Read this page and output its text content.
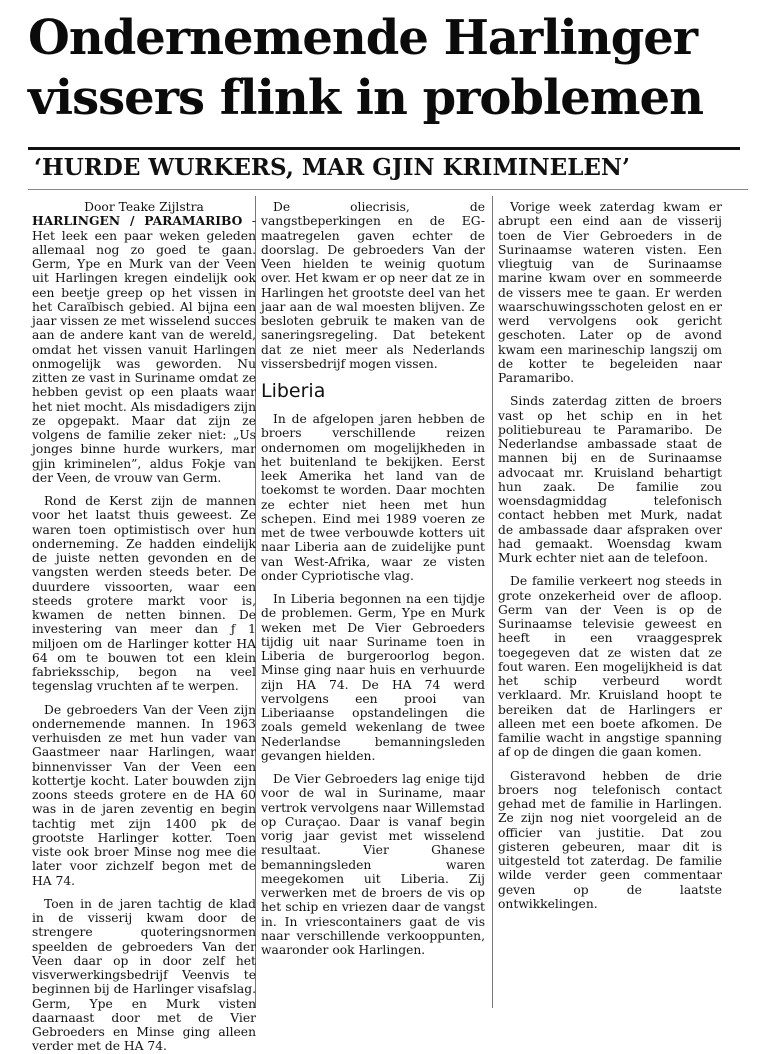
Ondernemende Harlinger vissers flink in problemen
‘HURDE WURKERS, MAR GJIN KRIMINELEN’
Door Teake Zijlstra

HARLINGEN / PARAMARIBO - Het leek een paar weken geleden allemaal nog zo goed te gaan. Germ, Ype en Murk van der Veen uit Harlingen kregen eindelijk ook een beetje greep op het vissen in het Caraïbisch gebied. Al bijna een jaar vissen ze met wisselend succes aan de andere kant van de wereld, omdat het vissen vanuit Harlingen onmogelijk was geworden. Nu zitten ze vast in Suriname omdat ze hebben gevist op een plaats waar het niet mocht. Als misdadigers zijn ze opgepakt. Maar dat zijn ze volgens de familie zeker niet: „Us jonges binne hurde wurkers, mar gjin kriminelen”, aldus Fokje van der Veen, de vrouw van Germ.

Rond de Kerst zijn de mannen voor het laatst thuis geweest. Ze waren toen optimistisch over hun onderneming. Ze hadden eindelijk de juiste netten gevonden en de vangsten werden steeds beter. De duurdere vissoorten, waar een steeds grotere markt voor is, kwamen de netten binnen. De investering van meer dan ƒ 1 miljoen om de Harlinger kotter HA 64 om te bouwen tot een klein fabrieksschip, begon na veel tegenslag vruchten af te werpen.

De gebroeders Van der Veen zijn ondernemende mannen. In 1963 verhuisden ze met hun vader van Gaastmeer naar Harlingen, waar binnenvisser Van der Veen een kottertje kocht. Later bouwden zijn zoons steeds grotere en de HA 60 was in de jaren zeventig en begin tachtig met zijn 1400 pk de grootste Harlinger kotter. Toen viste ook broer Minse nog mee die later voor zichzelf begon met de HA 74.

Toen in de jaren tachtig de klad in de visserij kwam door de strengere quoteringsnormen speelden de gebroeders Van der Veen daar op in door zelf het visverwerkingsbedrijf Veenvis te beginnen bij de Harlinger visafslag. Germ, Ype en Murk visten daarnaast door met de Vier Gebroeders en Minse ging alleen verder met de HA 74.

De oliecrisis, de vangstbeperkingen en de EG-maatregelen gaven echter de doorslag. De gebroeders Van der Veen hielden te weinig quotum over. Het kwam er op neer dat ze in Harlingen het grootste deel van het jaar aan de wal moesten blijven. Ze besloten gebruik te maken van de saneringsregeling. Dat betekent dat ze niet meer als Nederlands vissersbedrijf mogen vissen.

Liberia

In de afgelopen jaren hebben de broers verschillende reizen ondernomen om mogelijkheden in het buitenland te bekijken. Eerst leek Amerika het land van de toekomst te worden. Daar mochten ze echter niet heen met hun schepen. Eind mei 1989 voeren ze met de twee verbouwde kotters uit naar Liberia aan de zuidelijke punt van West-Afrika, waar ze visten onder Cypriotische vlag.

In Liberia begonnen na een tijdje de problemen. Germ, Ype en Murk weken met De Vier Gebroeders tijdig uit naar Suriname toen in Liberia de burgeroorlog begon. Minse ging naar huis en verhuurde zijn HA 74. De HA 74 werd vervolgens een prooi van Liberiaanse opstandelingen die zoals gemeld wekenlang de twee Nederlandse bemanningsleden gevangen hielden.

De Vier Gebroeders lag enige tijd voor de wal in Suriname, maar vertrok vervolgens naar Willemstad op Curaçao. Daar is vanaf begin vorig jaar gevist met wisselend resultaat. Vier Ghanese bemanningsleden waren meegekomen uit Liberia. Zij verwerken met de broers de vis op het schip en vriezen daar de vangst in. In vriescontainers gaat de vis naar verschillende verkooppunten, waaronder ook Harlingen.

Vorige week zaterdag kwam er abrupt een eind aan de visserij toen de Vier Gebroeders in de Surinaamse wateren visten. Een vliegtuig van de Surinaamse marine kwam over en sommeerde de vissers mee te gaan. Er werden waarschuwingsschoten gelost en er werd vervolgens ook gericht geschoten. Later op de avond kwam een marineschip langszij om de kotter te begeleiden naar Paramaribo.

Sinds zaterdag zitten de broers vast op het schip en in het politiebureau te Paramaribo. De Nederlandse ambassade staat de mannen bij en de Surinaamse advocaat mr. Kruisland behartigt hun zaak. De familie zou woensdagmiddag telefonisch contact hebben met Murk, nadat de ambassade daar afspraken over had gemaakt. Woensdag kwam Murk echter niet aan de telefoon.

De familie verkeert nog steeds in grote onzekerheid over de afloop. Germ van der Veen is op de Surinaamse televisie geweest en heeft in een vraaggesprek toegegeven dat ze wisten dat ze fout waren. Een mogelijkheid is dat het schip verbeurd wordt verklaard. Mr. Kruisland hoopt te bereiken dat de Harlingers er alleen met een boete afkomen. De familie wacht in angstige spanning af op de dingen die gaan komen.

Gisteravond hebben de drie broers nog telefonisch contact gehad met de familie in Harlingen. Ze zijn nog niet voorgeleid an de officier van justitie. Dat zou gisteren gebeuren, maar dit is uitgesteld tot zaterdag. De familie wilde verder geen commentaar geven op de laatste ontwikkelingen.
